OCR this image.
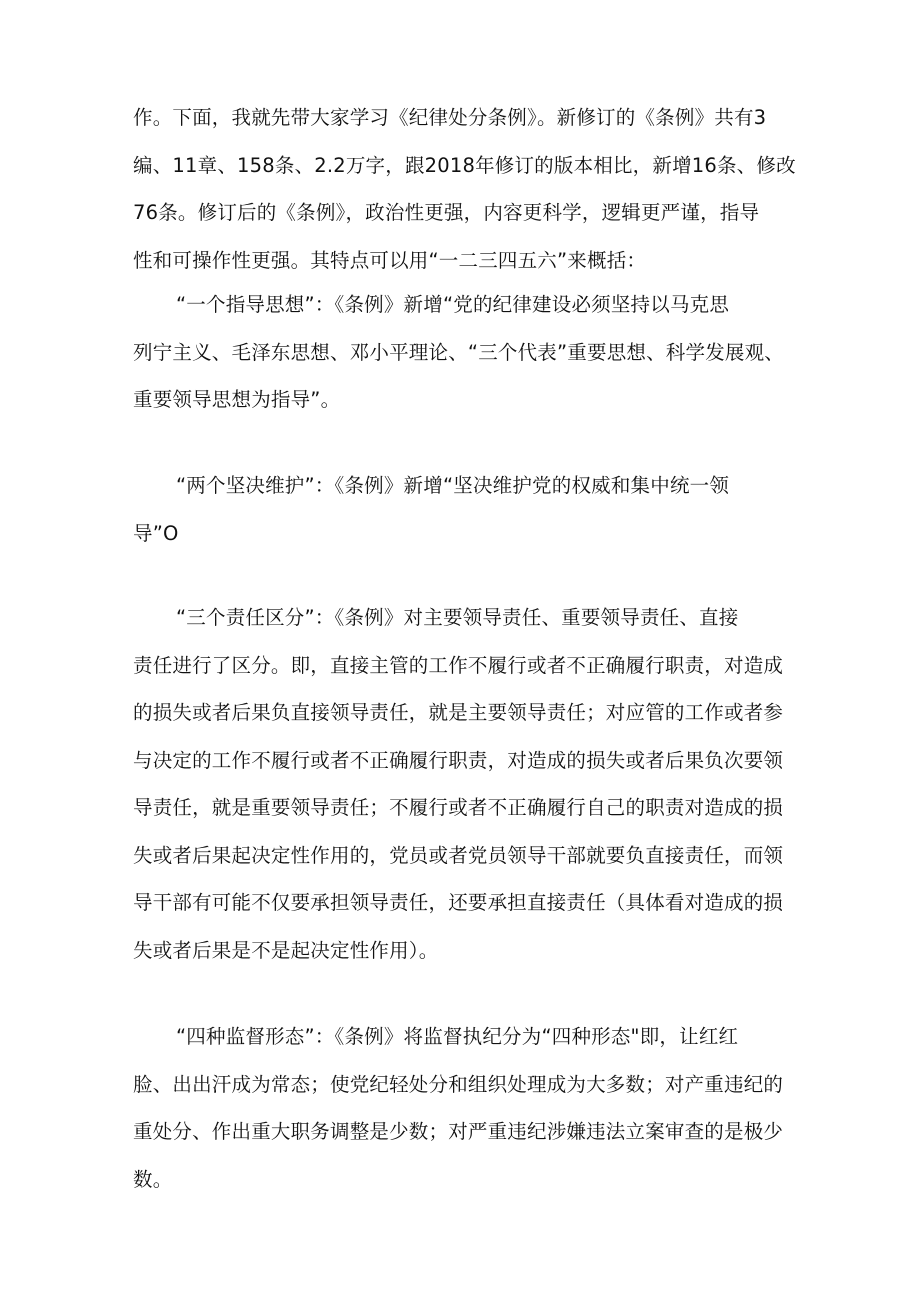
作。下面，我就先带大家学习《纪律处分条例》。新修订的《条例》共有3
编、11章、158条、2.2万字，跟2018年修订的版本相比，新增16条、修改
76条。修订后的《条例》，政治性更强，内容更科学，逻辑更严谨，指导
性和可操作性更强。其特点可以用“一二三四五六”来概括：
“一个指导思想”：《条例》新增“党的纪律建设必须坚持以马克思
列宁主义、毛泽东思想、邓小平理论、“三个代表”重要思想、科学发展观、
重要领导思想为指导”。
“两个坚决维护”：《条例》新增“坚决维护党的权威和集中统一领
导”O
“三个责任区分”：《条例》对主要领导责任、重要领导责任、直接
责任进行了区分。即，直接主管的工作不履行或者不正确履行职责，对造成
的损失或者后果负直接领导责任，就是主要领导责任；对应管的工作或者参
与决定的工作不履行或者不正确履行职责，对造成的损失或者后果负次要领
导责任，就是重要领导责任；不履行或者不正确履行自己的职责对造成的损
失或者后果起决定性作用的，党员或者党员领导干部就要负直接责任，而领
导干部有可能不仅要承担领导责任，还要承担直接责任（具体看对造成的损
失或者后果是不是起决定性作用）。
“四种监督形态”：《条例》将监督执纪分为“四种形态"即，让红红
脸、出出汗成为常态；使党纪轻处分和组织处理成为大多数；对产重违纪的
重处分、作出重大职务调整是少数；对严重违纪涉嫌违法立案审查的是极少
数。
